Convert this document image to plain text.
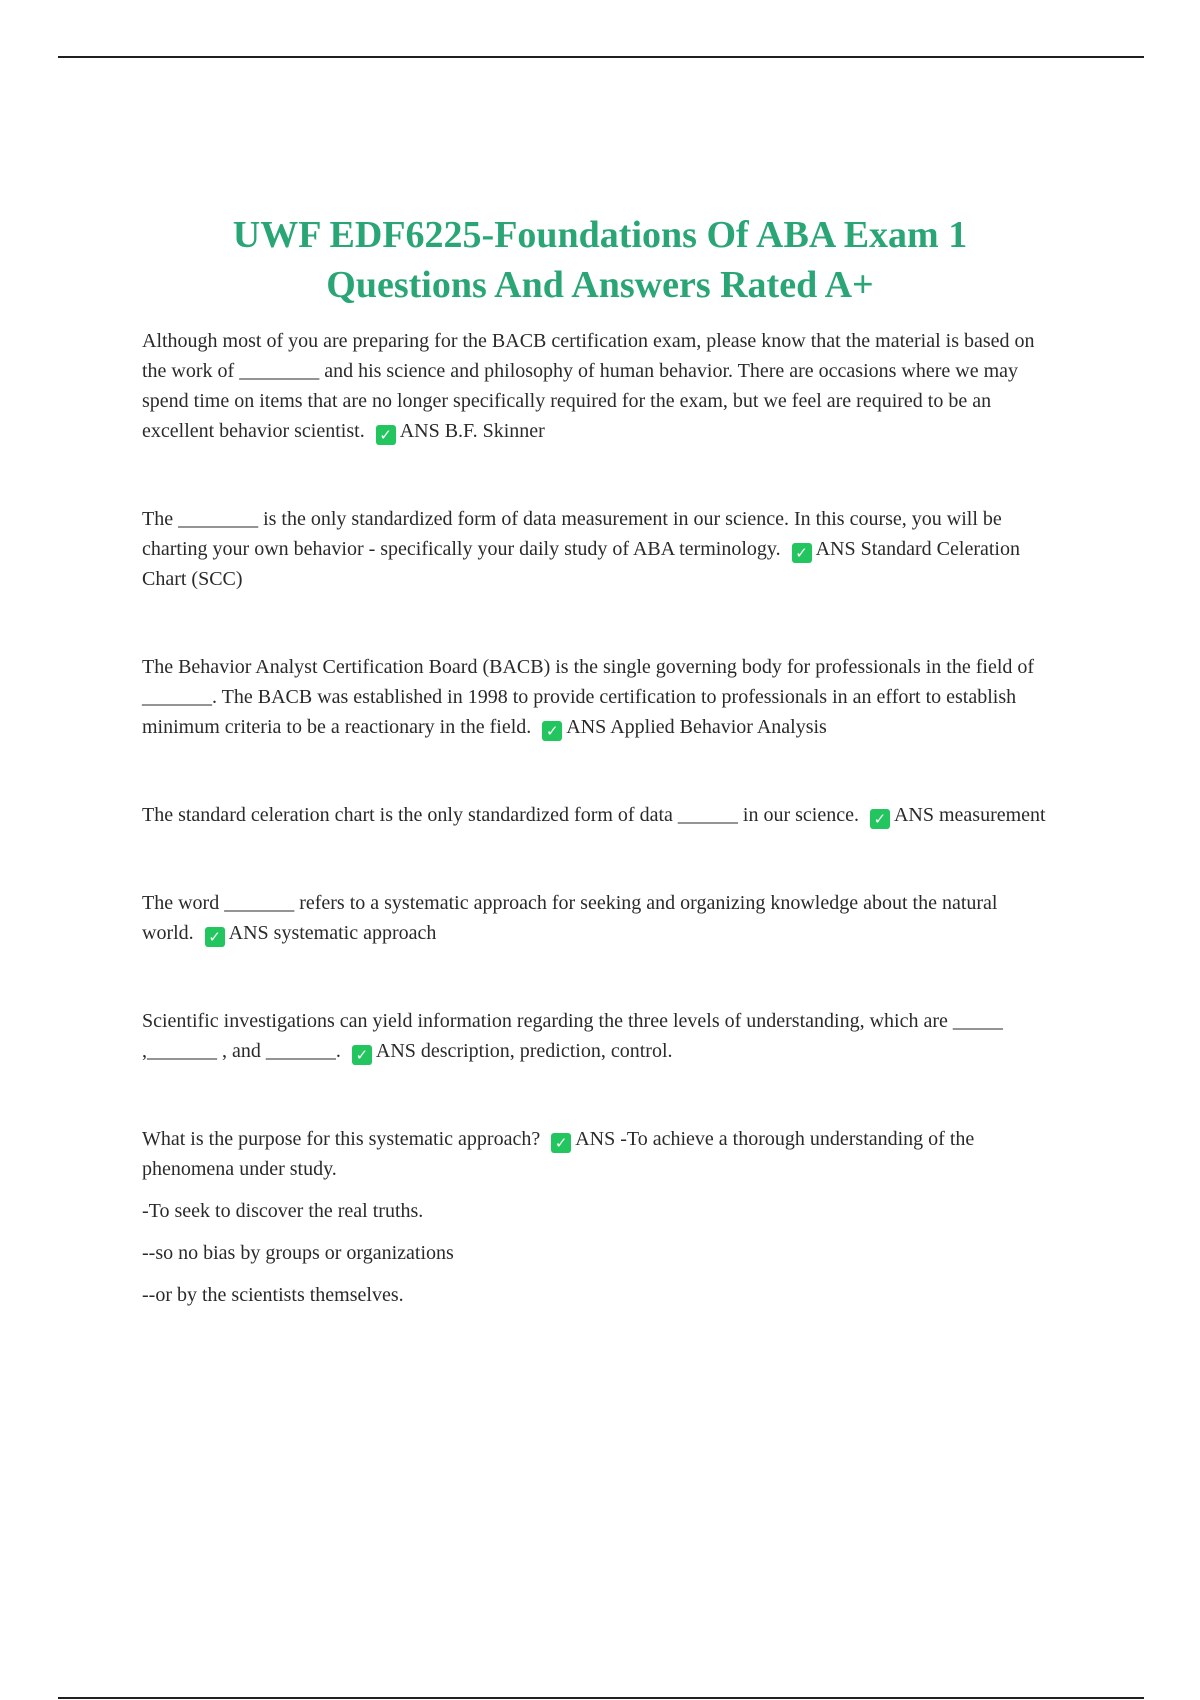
UWF EDF6225-Foundations Of ABA Exam 1
Questions And Answers Rated A+

Although most of you are preparing for the BACB certification exam, please know that the material is based on the work of ________ and his science and philosophy of human behavior. There are occasions where we may spend time on items that are no longer specifically required for the exam, but we feel are required to be an excellent behavior scientist. ✓ ANS B.F. Skinner

The ________ is the only standardized form of data measurement in our science. In this course, you will be charting your own behavior - specifically your daily study of ABA terminology. ✓ ANS Standard Celeration Chart (SCC)

The Behavior Analyst Certification Board (BACB) is the single governing body for professionals in the field of _______. The BACB was established in 1998 to provide certification to professionals in an effort to establish minimum criteria to be a reactionary in the field. ✓ ANS Applied Behavior Analysis

The standard celeration chart is the only standardized form of data ______ in our science. ✓ ANS measurement

The word _______ refers to a systematic approach for seeking and organizing knowledge about the natural world. ✓ ANS systematic approach

Scientific investigations can yield information regarding the three levels of understanding, which are _____ ,_______ , and _______. ✓ ANS description, prediction, control.

What is the purpose for this systematic approach? ✓ ANS -To achieve a thorough understanding of the phenomena under study.

-To seek to discover the real truths.

--so no bias by groups or organizations

--or by the scientists themselves.
